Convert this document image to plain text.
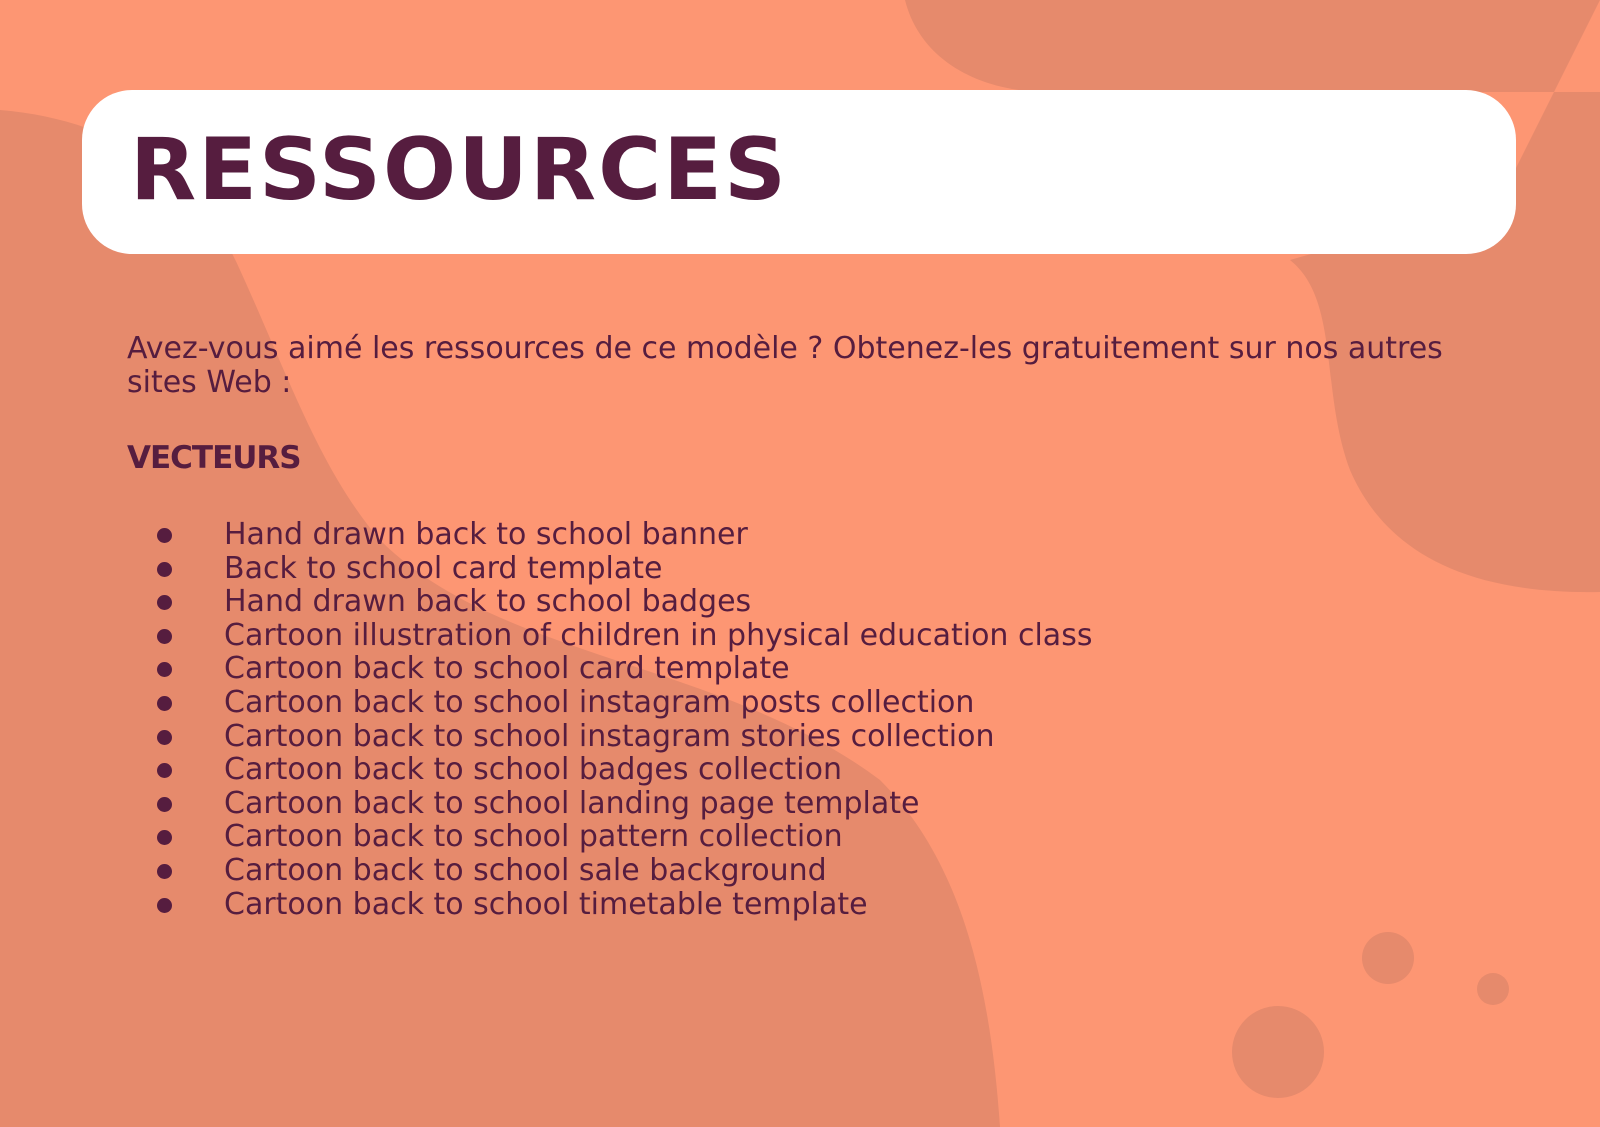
RESSOURCES

Avez-vous aimé les ressources de ce modèle ? Obtenez-les gratuitement sur nos autres sites Web :

VECTEURS
Hand drawn back to school banner
Back to school card template
Hand drawn back to school badges
Cartoon illustration of children in physical education class
Cartoon back to school card template
Cartoon back to school instagram posts collection
Cartoon back to school instagram stories collection
Cartoon back to school badges collection
Cartoon back to school landing page template
Cartoon back to school pattern collection
Cartoon back to school sale background
Cartoon back to school timetable template
